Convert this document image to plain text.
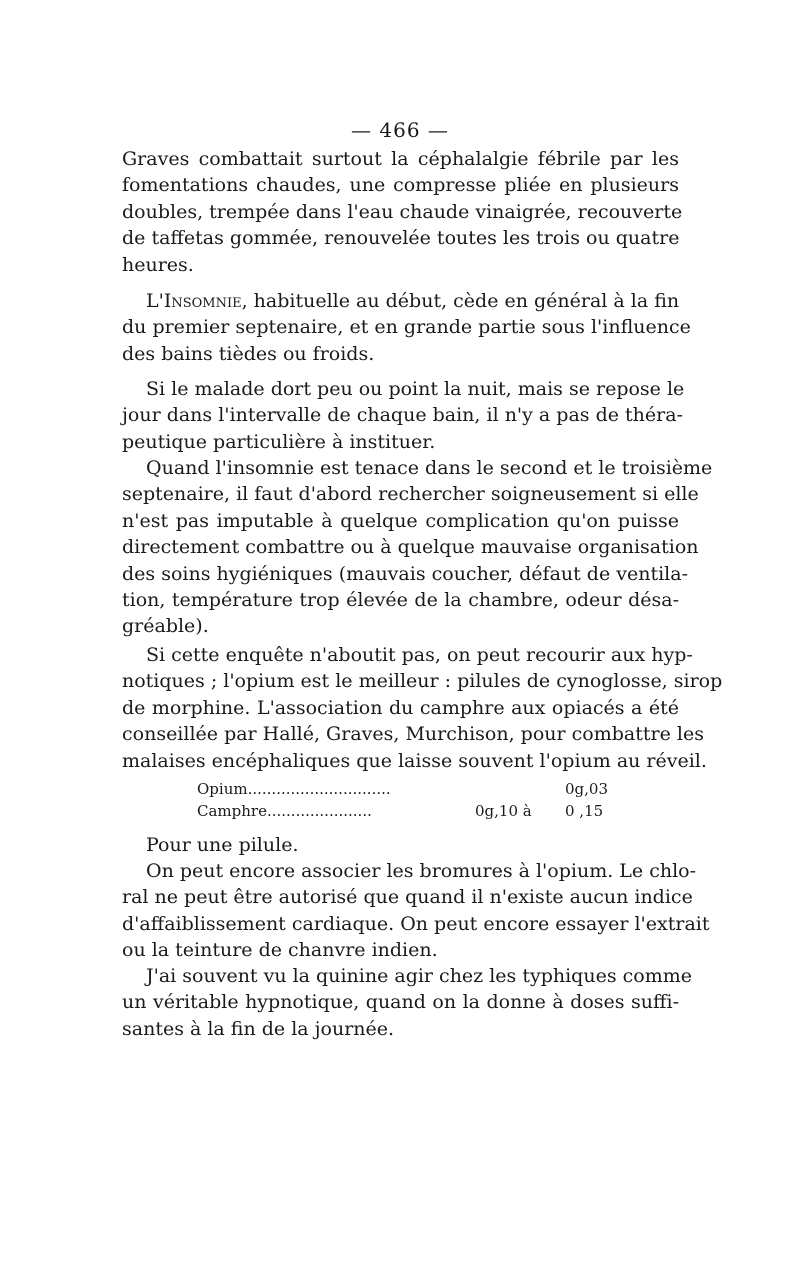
— 466 —
Graves combattait surtout la céphalalgie fébrile par les
fomentations chaudes, une compresse pliée en plusieurs
doubles, trempée dans l'eau chaude vinaigrée, recouverte
de taffetas gommée, renouvelée toutes les trois ou quatre
heures.
L'Insomnie, habituelle au début, cède en général à la fin
du premier septenaire, et en grande partie sous l'influence
des bains tièdes ou froids.
Si le malade dort peu ou point la nuit, mais se repose le
jour dans l'intervalle de chaque bain, il n'y a pas de théra-
peutique particulière à instituer.
Quand l'insomnie est tenace dans le second et le troisième
septenaire, il faut d'abord rechercher soigneusement si elle
n'est pas imputable à quelque complication qu'on puisse
directement combattre ou à quelque mauvaise organisation
des soins hygiéniques (mauvais coucher, défaut de ventila-
tion, température trop élevée de la chambre, odeur désa-
gréable).
Si cette enquête n'aboutit pas, on peut recourir aux hyp-
notiques ; l'opium est le meilleur : pilules de cynoglosse, sirop
de morphine. L'association du camphre aux opiacés a été
conseillée par Hallé, Graves, Murchison, pour combattre les
malaises encéphaliques que laisse souvent l'opium au réveil.
Opium..............................	0g,03
Camphre......................	0g,10 à 0 ,15
Pour une pilule.
On peut encore associer les bromures à l'opium. Le chlo-
ral ne peut être autorisé que quand il n'existe aucun indice
d'affaiblissement cardiaque. On peut encore essayer l'extrait
ou la teinture de chanvre indien.
J'ai souvent vu la quinine agir chez les typhiques comme
un véritable hypnotique, quand on la donne à doses suffi-
santes à la fin de la journée.
